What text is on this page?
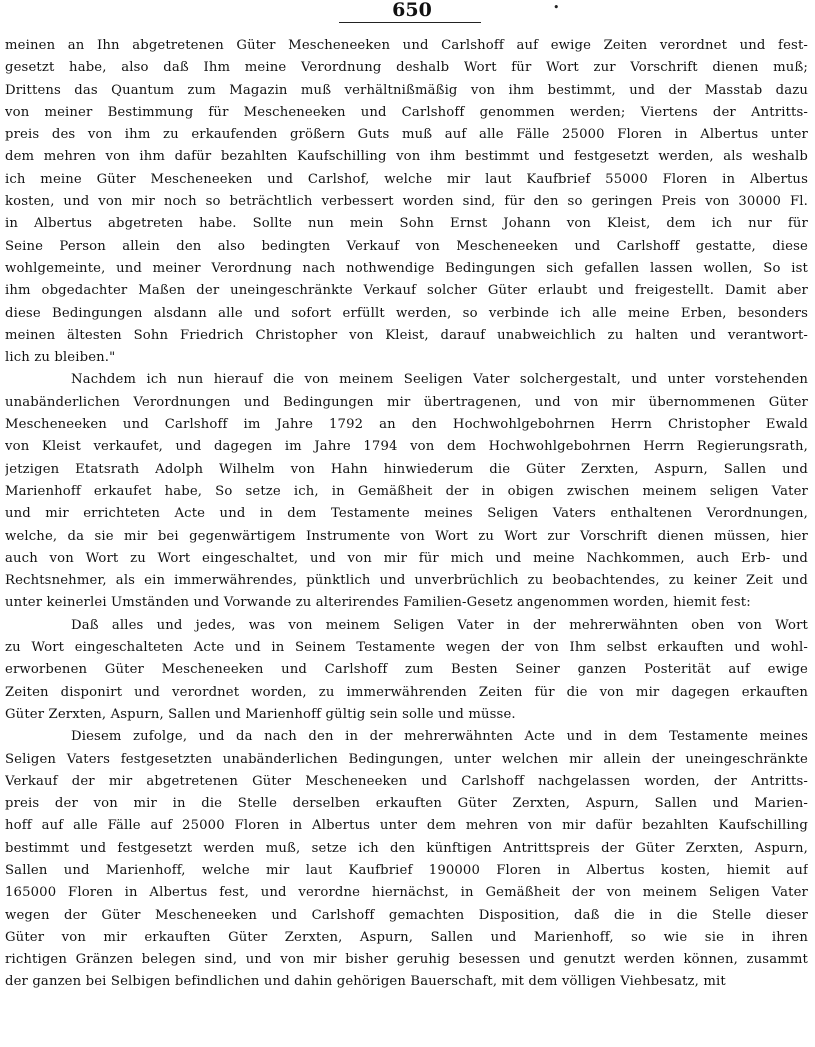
650	•
meinen an Ihn abgetretenen Güter Mescheneeken und Carlshoff auf ewige Zeiten verordnet und fest-
gesetzt habe, also daß Ihm meine Verordnung deshalb Wort für Wort zur Vorschrift dienen muß;
Drittens das Quantum zum Magazin muß verhältnißmäßig von ihm bestimmt, und der Masstab dazu
von meiner Bestimmung für Mescheneeken und Carlshoff genommen werden; Viertens der Antritts-
preis des von ihm zu erkaufenden größern Guts muß auf alle Fälle 25000 Floren in Albertus unter
dem mehren von ihm dafür bezahlten Kaufschilling von ihm bestimmt und festgesetzt werden, als weshalb
ich meine Güter Mescheneeken und Carlshof, welche mir laut Kaufbrief 55000 Floren in Albertus
kosten, und von mir noch so beträchtlich verbessert worden sind, für den so geringen Preis von 30000 Fl.
in Albertus abgetreten habe. Sollte nun mein Sohn Ernst Johann von Kleist, dem ich nur für
Seine Person allein den also bedingten Verkauf von Mescheneeken und Carlshoff gestatte, diese
wohlgemeinte, und meiner Verordnung nach nothwendige Bedingungen sich gefallen lassen wollen, So ist
ihm obgedachter Maßen der uneingeschränkte Verkauf solcher Güter erlaubt und freigestellt. Damit aber
diese Bedingungen alsdann alle und sofort erfüllt werden, so verbinde ich alle meine Erben, besonders
meinen ältesten Sohn Friedrich Christopher von Kleist, darauf unabweichlich zu halten und verantwort-
lich zu bleiben."
Nachdem ich nun hierauf die von meinem Seeligen Vater solchergestalt, und unter vorstehenden
unabänderlichen Verordnungen und Bedingungen mir übertragenen, und von mir übernommenen Güter
Mescheneeken und Carlshoff im Jahre 1792 an den Hochwohlgebohrnen Herrn Christopher Ewald
von Kleist verkaufet, und dagegen im Jahre 1794 von dem Hochwohlgebohrnen Herrn Regierungsrath,
jetzigen Etatsrath Adolph Wilhelm von Hahn hinwiederum die Güter Zerxten, Aspurn, Sallen und
Marienhoff erkaufet habe, So setze ich, in Gemäßheit der in obigen zwischen meinem seligen Vater
und mir errichteten Acte und in dem Testamente meines Seligen Vaters enthaltenen Verordnungen,
welche, da sie mir bei gegenwärtigem Instrumente von Wort zu Wort zur Vorschrift dienen müssen, hier
auch von Wort zu Wort eingeschaltet, und von mir für mich und meine Nachkommen, auch Erb- und
Rechtsnehmer, als ein immerwährendes, pünktlich und unverbrüchlich zu beobachtendes, zu keiner Zeit und
unter keinerlei Umständen und Vorwande zu alterirendes Familien-Gesetz angenommen worden, hiemit fest:
Daß alles und jedes, was von meinem Seligen Vater in der mehrerwähnten oben von Wort
zu Wort eingeschalteten Acte und in Seinem Testamente wegen der von Ihm selbst erkauften und wohl-
erworbenen Güter Mescheneeken und Carlshoff zum Besten Seiner ganzen Posterität auf ewige
Zeiten disponirt und verordnet worden, zu immerwährenden Zeiten für die von mir dagegen erkauften
Güter Zerxten, Aspurn, Sallen und Marienhoff gültig sein solle und müsse.
Diesem zufolge, und da nach den in der mehrerwähnten Acte und in dem Testamente meines
Seligen Vaters festgesetzten unabänderlichen Bedingungen, unter welchen mir allein der uneingeschränkte
Verkauf der mir abgetretenen Güter Mescheneeken und Carlshoff nachgelassen worden, der Antritts-
preis der von mir in die Stelle derselben erkauften Güter Zerxten, Aspurn, Sallen und Marien-
hoff auf alle Fälle auf 25000 Floren in Albertus unter dem mehren von mir dafür bezahlten Kaufschilling
bestimmt und festgesetzt werden muß, setze ich den künftigen Antrittspreis der Güter Zerxten, Aspurn,
Sallen und Marienhoff, welche mir laut Kaufbrief 190000 Floren in Albertus kosten, hiemit auf
165000 Floren in Albertus fest, und verordne hiernächst, in Gemäßheit der von meinem Seligen Vater
wegen der Güter Mescheneeken und Carlshoff gemachten Disposition, daß die in die Stelle dieser
Güter von mir erkauften Güter Zerxten, Aspurn, Sallen und Marienhoff, so wie sie in ihren
richtigen Gränzen belegen sind, und von mir bisher geruhig besessen und genutzt werden können, zusammt
der ganzen bei Selbigen befindlichen und dahin gehörigen Bauerschaft, mit dem völligen Viehbesatz, mit
